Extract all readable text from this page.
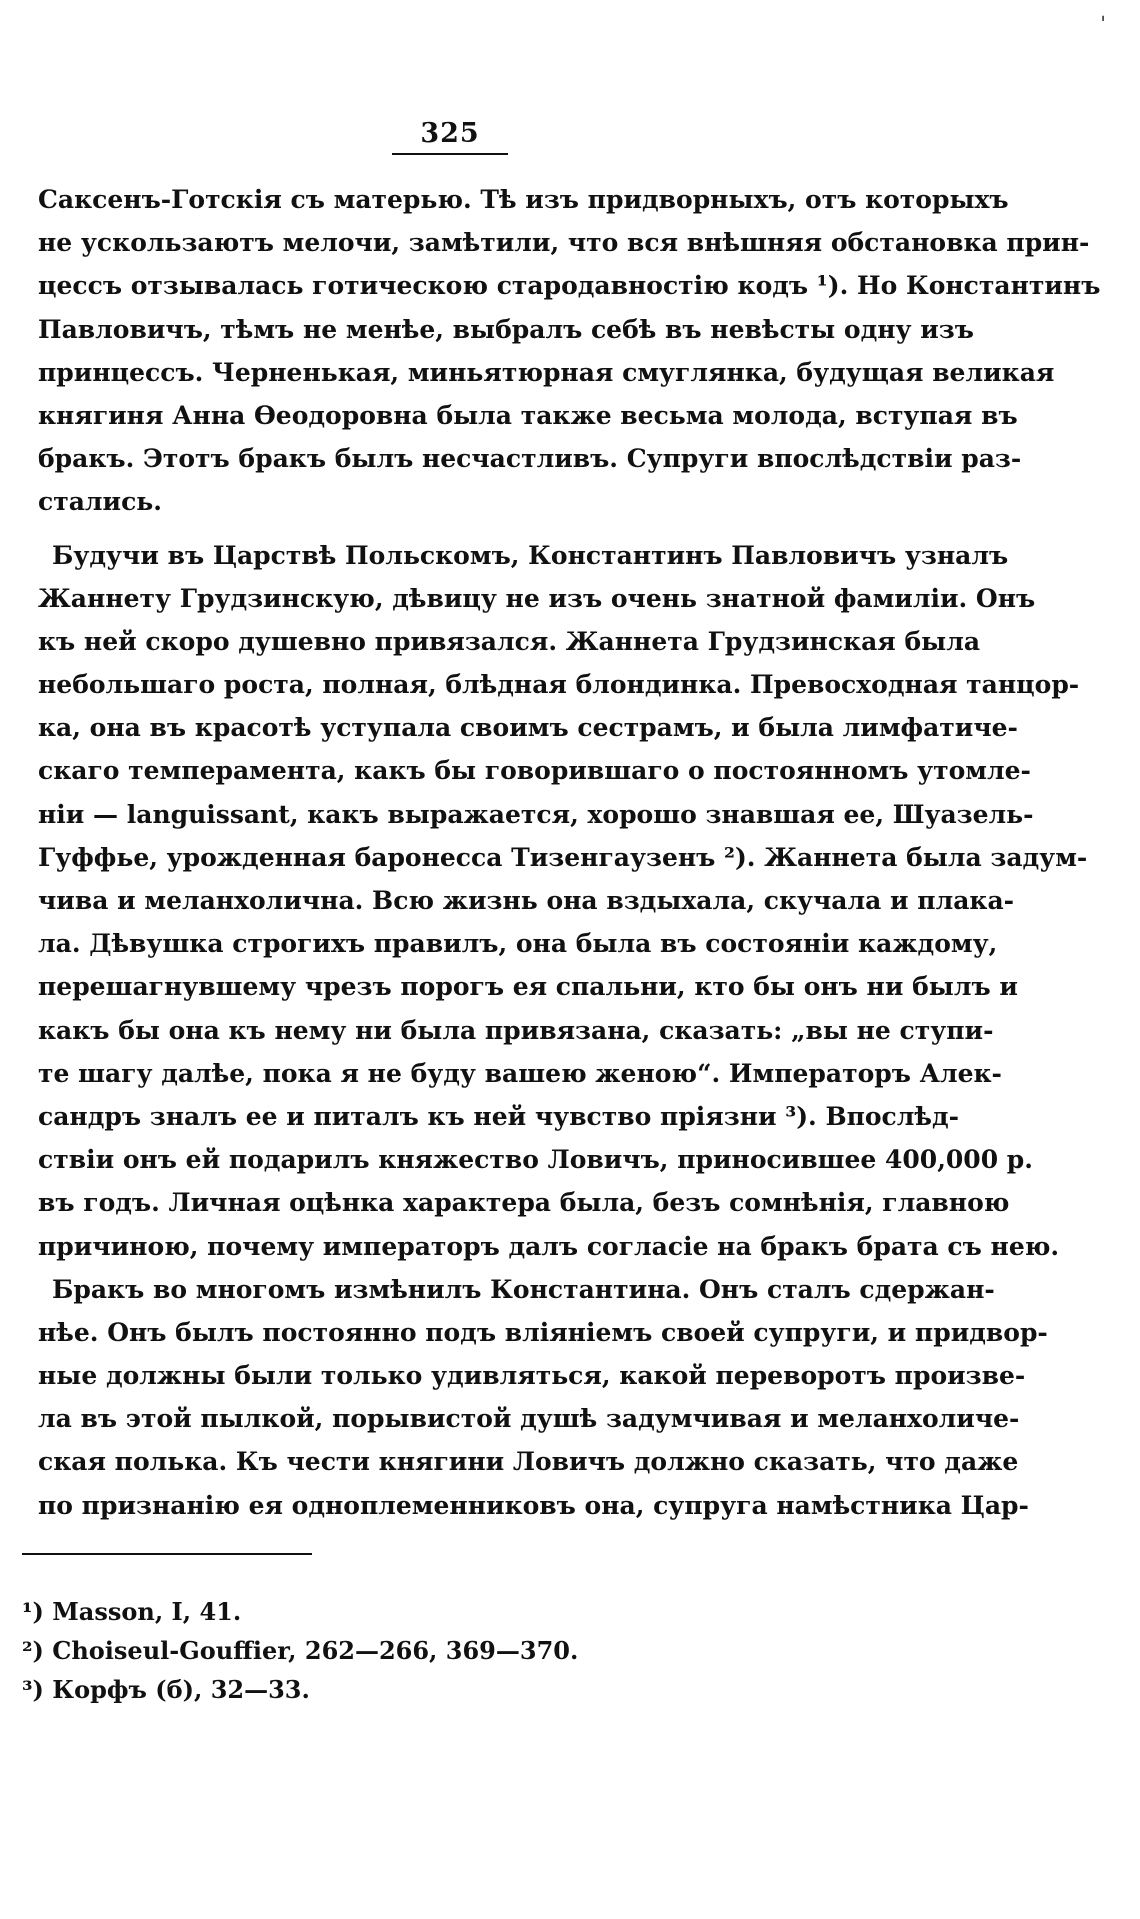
325
Саксенъ-Готскія съ матерью. Тѣ изъ придворныхъ, отъ которыхъ
не ускользаютъ мелочи, замѣтили, что вся внѣшняя обстановка прин-
цессъ отзывалась готическою стародавностію кодъ ¹). Но Константинъ
Павловичъ, тѣмъ не менѣе, выбралъ себѣ въ невѣсты одну изъ
принцессъ. Черненькая, миньятюрная смуглянка, будущая великая
княгиня Анна Ѳеодоровна была также весьма молода, вступая въ
бракъ. Этотъ бракъ былъ несчастливъ. Супруги впослѣдствіи раз-
стались.
Будучи въ Царствѣ Польскомъ, Константинъ Павловичъ узналъ
Жаннету Грудзинскую, дѣвицу не изъ очень знатной фамиліи. Онъ
къ ней скоро душевно привязался. Жаннета Грудзинская была
небольшаго роста, полная, блѣдная блондинка. Превосходная танцор-
ка, она въ красотѣ уступала своимъ сестрамъ, и была лимфатиче-
скаго темперамента, какъ бы говорившаго о постоянномъ утомле-
ніи — languissant, какъ выражается, хорошо знавшая ее, Шуазель-
Гуффье, урожденная баронесса Тизенгаузенъ ²). Жаннета была задум-
чива и меланхолична. Всю жизнь она вздыхала, скучала и плака-
ла. Дѣвушка строгихъ правилъ, она была въ состояніи каждому,
перешагнувшему чрезъ порогъ ея спальни, кто бы онъ ни былъ и
какъ бы она къ нему ни была привязана, сказать: „вы не ступи-
те шагу далѣе, пока я не буду вашею женою“. Императоръ Алек-
сандръ зналъ ее и питалъ къ ней чувство пріязни ³). Впослѣд-
ствіи онъ ей подарилъ княжество Ловичъ, приносившее 400,000 р.
въ годъ. Личная оцѣнка характера была, безъ сомнѣнія, главною
причиною, почему императоръ далъ согласіе на бракъ брата съ нею.
Бракъ во многомъ измѣнилъ Константина. Онъ сталъ сдержан-
нѣе. Онъ былъ постоянно подъ вліяніемъ своей супруги, и придвор-
ные должны были только удивляться, какой переворотъ произве-
ла въ этой пылкой, порывистой душѣ задумчивая и меланхоличе-
ская полька. Къ чести княгини Ловичъ должно сказать, что даже
по признанію ея одноплеменниковъ она, супруга намѣстника Цар-
¹) Masson, I, 41.
²) Choiseul-Gouffier, 262—266, 369—370.
³) Корфъ (б), 32—33.
ˈ
